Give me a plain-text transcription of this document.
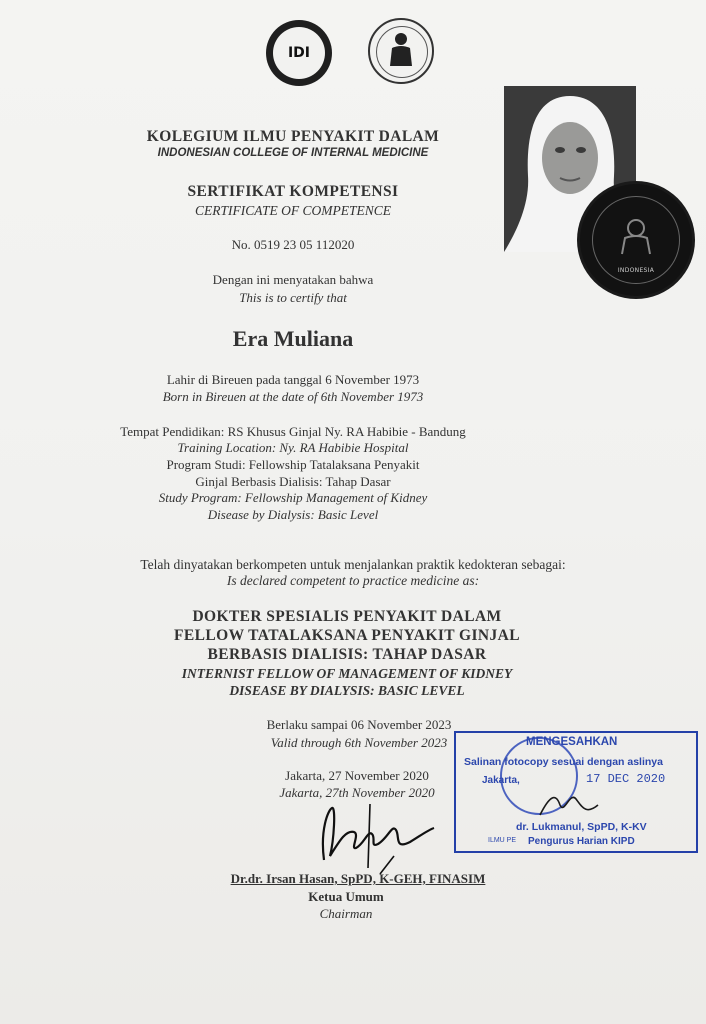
IDI
INDONESIA
KOLEGIUM ILMU PENYAKIT DALAM
INDONESIAN COLLEGE OF INTERNAL MEDICINE
SERTIFIKAT KOMPETENSI
CERTIFICATE OF COMPETENCE
No. 0519 23 05 112020
Dengan ini menyatakan bahwa
This is to certify that
Era Muliana
Lahir di Bireuen pada tanggal 6 November 1973
Born in Bireuen at the date of 6th November 1973
Tempat Pendidikan: RS Khusus Ginjal Ny. RA Habibie - Bandung
Training Location: Ny. RA Habibie Hospital
Program Studi: Fellowship Tatalaksana Penyakit
Ginjal Berbasis Dialisis: Tahap Dasar
Study Program: Fellowship Management of Kidney
Disease by Dialysis: Basic Level
Telah dinyatakan berkompeten untuk menjalankan praktik kedokteran sebagai:
Is declared competent to practice medicine as:
DOKTER SPESIALIS PENYAKIT DALAM
FELLOW TATALAKSANA PENYAKIT GINJAL
BERBASIS DIALISIS: TAHAP DASAR
INTERNIST FELLOW OF MANAGEMENT OF KIDNEY
DISEASE BY DIALYSIS: BASIC LEVEL
Berlaku sampai 06 November 2023
Valid through 6th November 2023
Jakarta, 27 November 2020
Jakarta, 27th November 2020
Dr.dr. Irsan Hasan, SpPD, K-GEH, FINASIM
Ketua Umum
Chairman
MENGESAHKAN
Salinan fotocopy sesuai dengan aslinya
Jakarta,	17 DEC 2020
dr. Lukmanul, SpPD, K-KV
Pengurus Harian KIPD
ILMU PE
